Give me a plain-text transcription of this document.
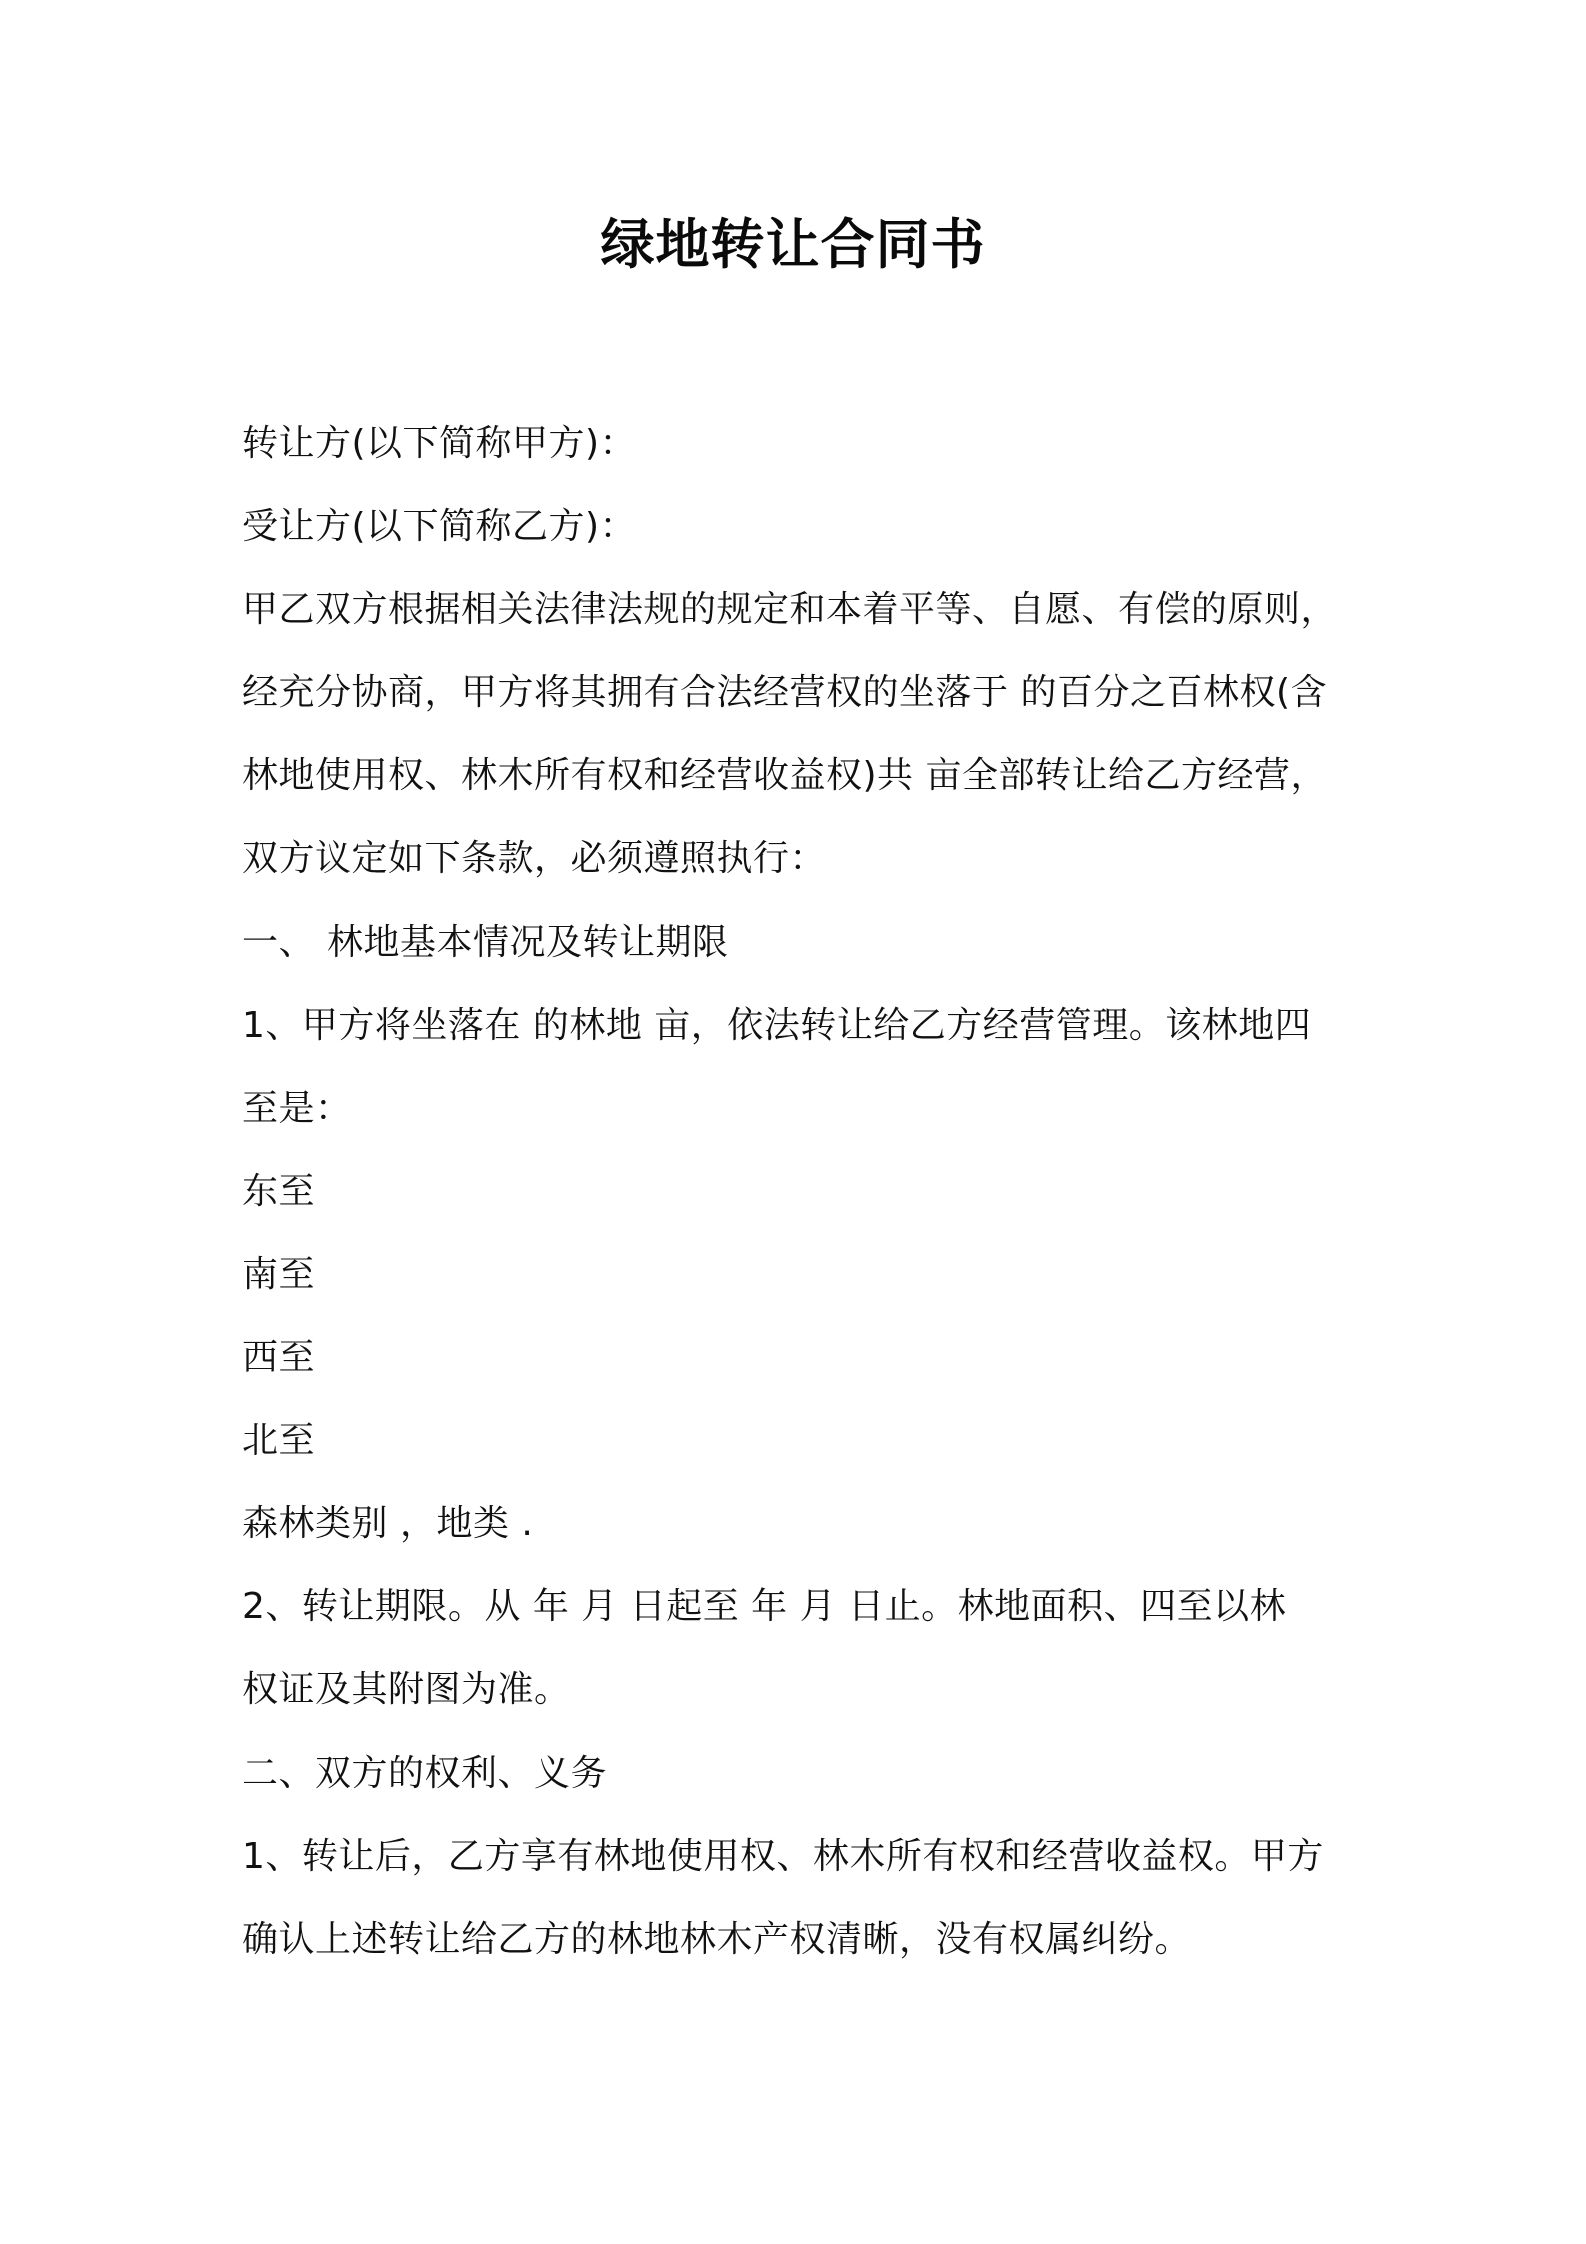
绿地转让合同书
转让方(以下简称甲方)：
受让方(以下简称乙方)：
甲乙双方根据相关法律法规的规定和本着平等、自愿、有偿的原则，
经充分协商，甲方将其拥有合法经营权的坐落于 的百分之百林权(含
林地使用权、林木所有权和经营收益权)共 亩全部转让给乙方经营，
双方议定如下条款，必须遵照执行：
一、 林地基本情况及转让期限
1、甲方将坐落在 的林地 亩，依法转让给乙方经营管理。该林地四
至是：
东至
南至
西至
北至
森林类别 ，地类 .
2、转让期限。从 年 月 日起至 年 月 日止。林地面积、四至以林
权证及其附图为准。
二、双方的权利、义务
1、转让后，乙方享有林地使用权、林木所有权和经营收益权。甲方
确认上述转让给乙方的林地林木产权清晰，没有权属纠纷。
